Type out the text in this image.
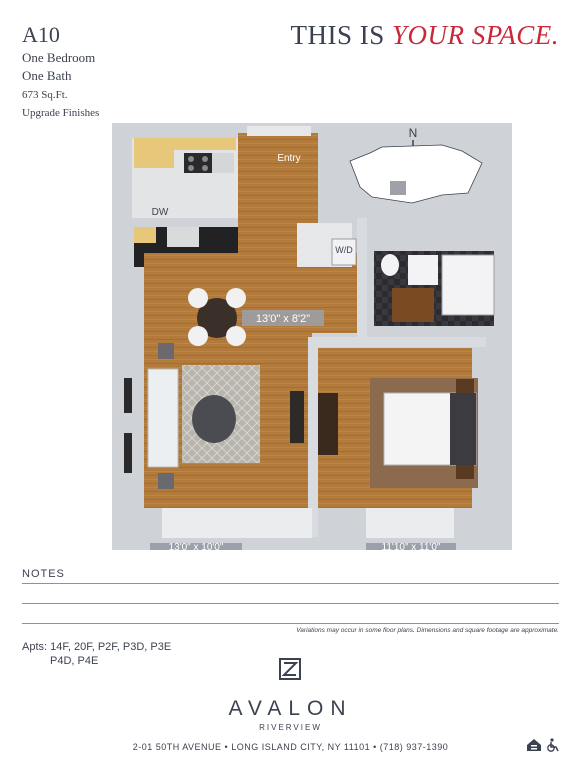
A10
One Bedroom
One Bath
673 Sq.Ft.
Upgrade Finishes
THIS IS YOUR SPACE.
N
Entry
DW
W/D
13'0" x 8'2"
13'0" x 10'0"	11'10" x 11'0"
NOTES
Variations may occur in some floor plans. Dimensions and square footage are approximate.
Apts: 14F, 20F, P2F, P3D, P3E
P4D, P4E
AVALON
RIVERVIEW
2-01 50TH AVENUE • LONG ISLAND CITY, NY 11101 • (718) 937-1390
